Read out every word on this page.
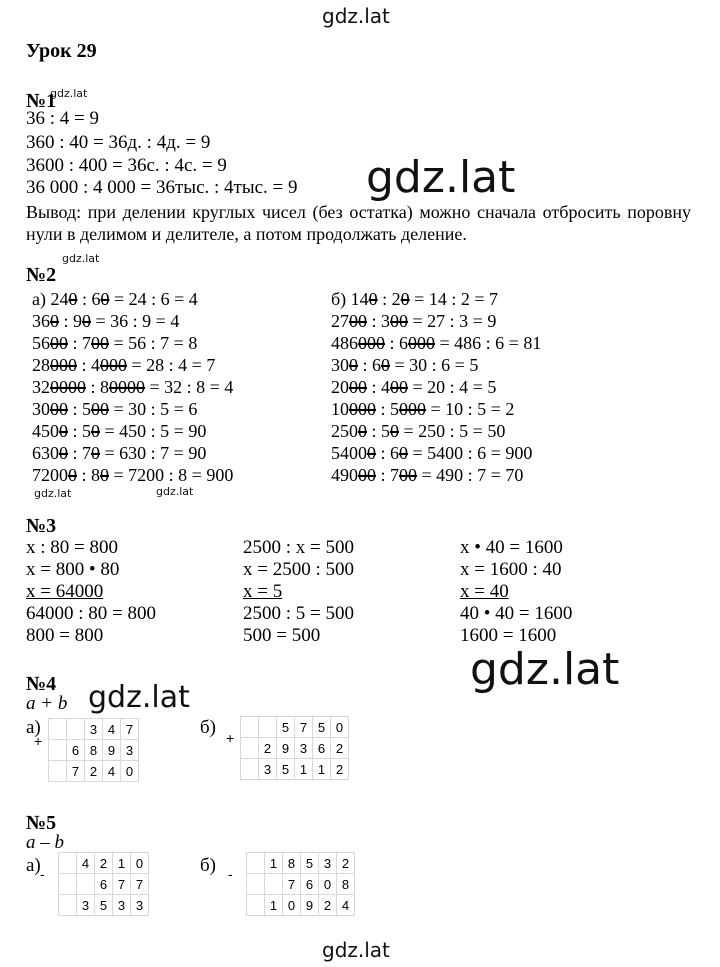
gdz.lat
gdz.lat
Урок 29
№1
gdz.lat
36 : 4 = 9
360 : 40 = 36д. : 4д. = 9
3600 : 400 = 36с. : 4с. = 9
36 000 : 4 000 = 36тыс. : 4тыс. = 9
Вывод: при делении круглых чисел (без остатка) можно сначала отбросить поровну нули в делимом и делителе, а потом продолжать деление.
gdz.lat
gdz.lat
№2
а) 240 : 60 = 24 : 6 = 4
360 : 90 = 36 : 9 = 4
5600 : 700 = 56 : 7 = 8
28000 : 4000 = 28 : 4 = 7
320000 : 80000 = 32 : 8 = 4
3000 : 500 = 30 : 5 = 6
4500 : 50 = 450 : 5 = 90
6300 : 70 = 630 : 7 = 90
72000 : 80 = 7200 : 8 = 900
б) 140 : 20 = 14 : 2 = 7
2700 : 300 = 27 : 3 = 9
486000 : 6000 = 486 : 6 = 81
300 : 60 = 30 : 6 = 5
2000 : 400 = 20 : 4 = 5
10000 : 5000 = 10 : 5 = 2
2500 : 50 = 250 : 5 = 50
54000 : 60 = 5400 : 6 = 900
49000 : 700 = 490 : 7 = 70
gdz.lat	gdz.lat
№3
x : 80 = 800
x = 800 • 80
x = 64000
64000 : 80 = 800
800 = 800
2500 : x = 500
x = 2500 : 500
x = 5
2500 : 5 = 500
500 = 500
x • 40 = 1600
x = 1600 : 40
x = 40
40 • 40 = 1600
1600 = 1600
gdz.lat
№4
a + b gdz.lat
а)
+
		3	4	7
	6	8	9	3
	7	2	4	0
б) +
		5	7	5	0
	2	9	3	6	2
	3	5	1	1	2
№5
a – b
а) -
	4	2	1	0
		6	7	7
	3	5	3	3
б) -
	1	8	5	3	2
		7	6	0	8
	1	0	9	2	4
